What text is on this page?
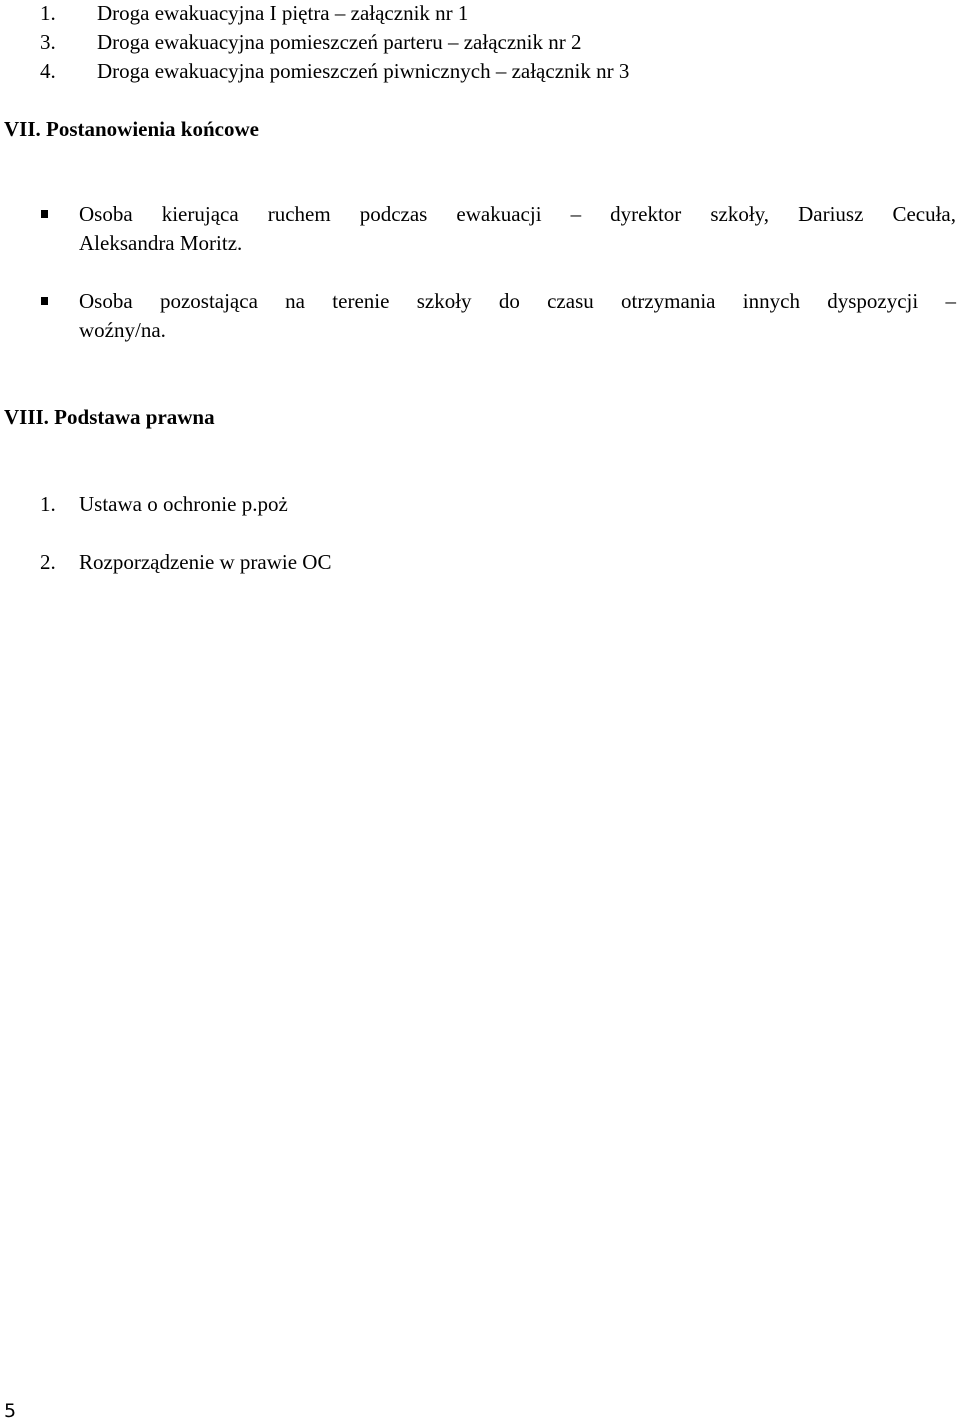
1. Droga ewakuacyjna I piętra – załącznik nr 1
3. Droga ewakuacyjna pomieszczeń parteru – załącznik nr 2
4. Droga ewakuacyjna pomieszczeń piwnicznych – załącznik nr 3
VII. Postanowienia końcowe
Osoba kierująca ruchem podczas ewakuacji – dyrektor szkoły, Dariusz Cecuła,
Aleksandra Moritz.
Osoba pozostająca na terenie szkoły do czasu otrzymania innych dyspozycji –
woźny/na.
VIII. Podstawa prawna
1. Ustawa o ochronie p.poż
2. Rozporządzenie w prawie OC
5
